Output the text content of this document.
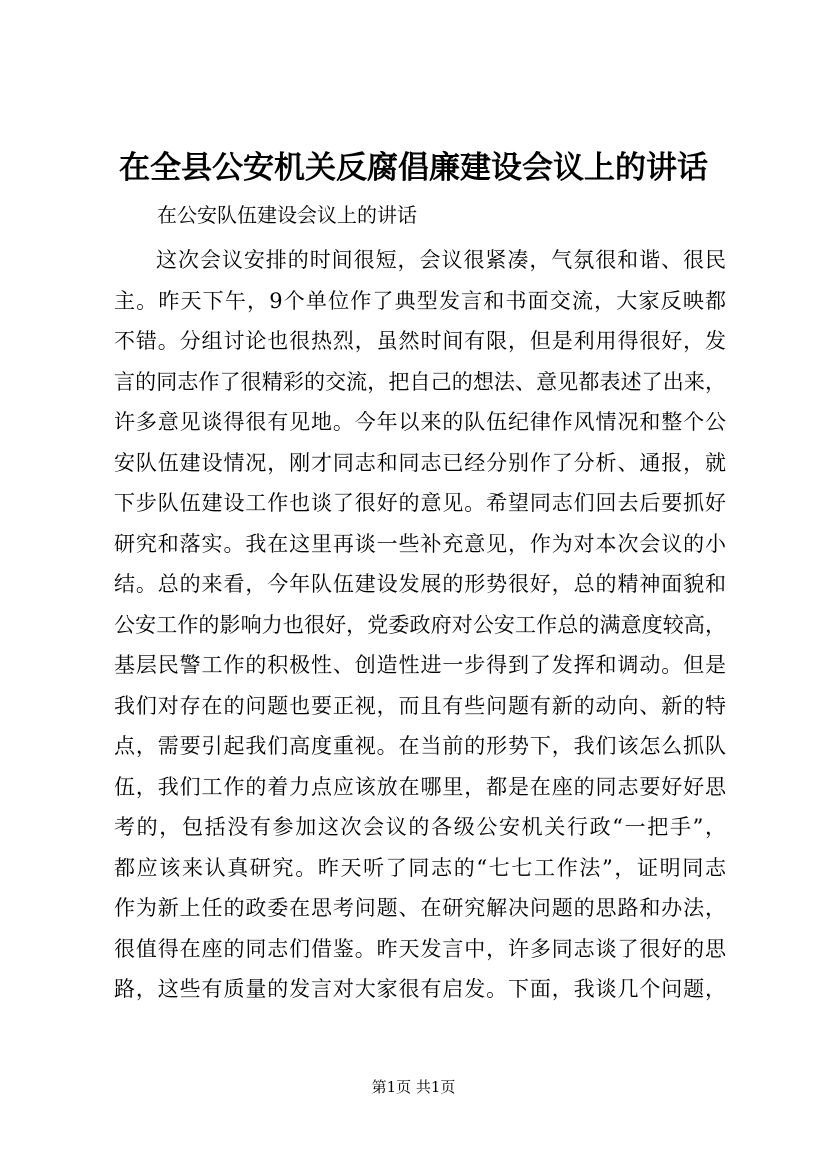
在全县公安机关反腐倡廉建设会议上的讲话
在公安队伍建设会议上的讲话
这次会议安排的时间很短，会议很紧凑，气氛很和谐、很民
主。昨天下午，9个单位作了典型发言和书面交流，大家反映都
不错。分组讨论也很热烈，虽然时间有限，但是利用得很好，发
言的同志作了很精彩的交流，把自己的想法、意见都表述了出来，
许多意见谈得很有见地。今年以来的队伍纪律作风情况和整个公
安队伍建设情况，刚才同志和同志已经分别作了分析、通报，就
下步队伍建设工作也谈了很好的意见。希望同志们回去后要抓好
研究和落实。我在这里再谈一些补充意见，作为对本次会议的小
结。总的来看，今年队伍建设发展的形势很好，总的精神面貌和
公安工作的影响力也很好，党委政府对公安工作总的满意度较高，
基层民警工作的积极性、创造性进一步得到了发挥和调动。但是
我们对存在的问题也要正视，而且有些问题有新的动向、新的特
点，需要引起我们高度重视。在当前的形势下，我们该怎么抓队
伍，我们工作的着力点应该放在哪里，都是在座的同志要好好思
考的，包括没有参加这次会议的各级公安机关行政“一把手”，
都应该来认真研究。昨天听了同志的“七七工作法”，证明同志
作为新上任的政委在思考问题、在研究解决问题的思路和办法，
很值得在座的同志们借鉴。昨天发言中，许多同志谈了很好的思
路，这些有质量的发言对大家很有启发。下面，我谈几个问题，
第1页 共1页
